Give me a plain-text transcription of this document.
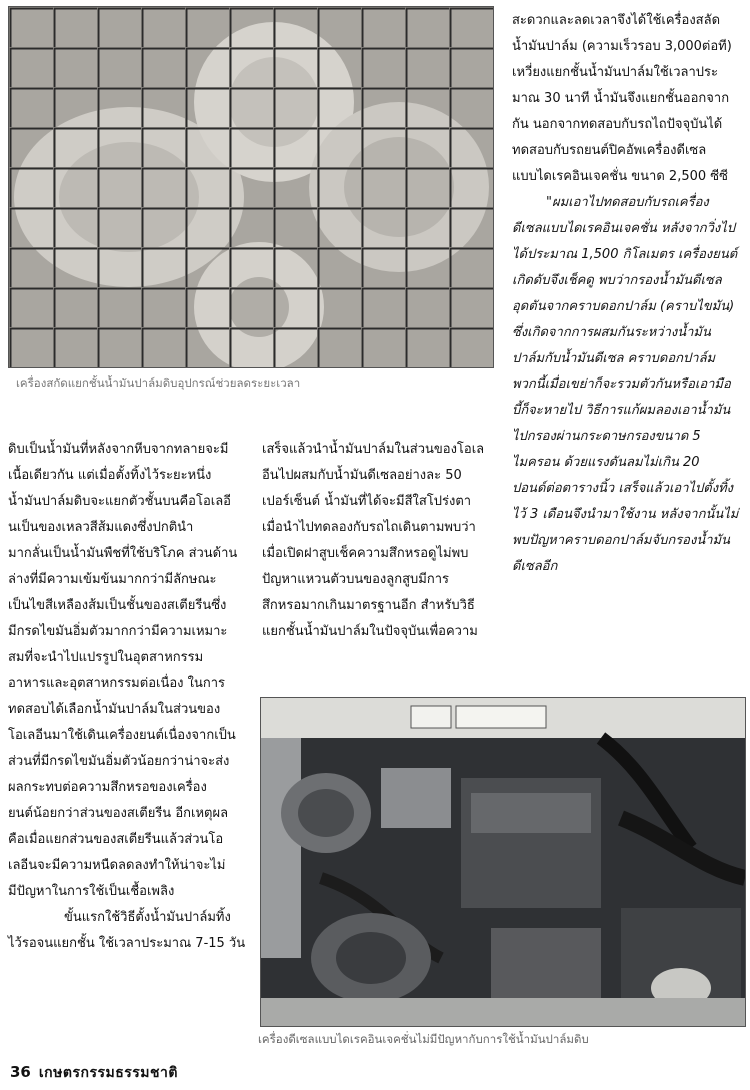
เครื่องสกัดแยกชั้นน้ำมันปาล์มดิบอุปกรณ์ช่วยลดระยะเวลา
สะดวกและลดเวลาจึงได้ใช้เครื่องสลัด
น้ำมันปาล์ม (ความเร็วรอบ 3,000ต่อที)
เหวี่ยงแยกชั้นน้ำมันปาล์มใช้เวลาประ
มาณ 30 นาที น้ำมันจึงแยกชั้นออกจาก
กัน นอกจากทดสอบกับรถไถปัจจุบันได้
ทดสอบกับรถยนต์ปิคอัพเครื่องดีเซล
แบบไดเรคอินเจคชั่น ขนาด 2,500 ซีซี
"ผมเอาไปทดสอบกับรถเครื่อง
ดีเซลแบบไดเรคอินเจคชั่น หลังจากวิ่งไป
ได้ประมาณ 1,500 กิโลเมตร เครื่องยนต์
เกิดดับจึงเช็คดู พบว่ากรองน้ำมันดีเซล
อุดตันจากคราบดอกปาล์ม (คราบไขมัน)
ซึ่งเกิดจากการผสมกันระหว่างน้ำมัน
ปาล์มกับน้ำมันดีเซล คราบดอกปาล์ม
พวกนี้เมื่อเขย่าก็จะรวมตัวกันหรือเอามือ
บี้ก็จะหายไป วิธีการแก้ผมลองเอาน้ำมัน
ไปกรองผ่านกระดาษกรองขนาด 5
ไมครอน ด้วยแรงดันลมไม่เกิน 20
ปอนด์ต่อตารางนิ้ว เสร็จแล้วเอาไปตั้งทิ้ง
ไว้ 3 เดือนจึงนำมาใช้งาน หลังจากนั้นไม่
พบปัญหาคราบดอกปาล์มจับกรองน้ำมัน
ดีเซลอีก
ดิบเป็นน้ำมันที่หลังจากหีบจากทลายจะมี
เนื้อเดียวกัน แต่เมื่อตั้งทิ้งไว้ระยะหนึ่ง
น้ำมันปาล์มดิบจะแยกตัวชั้นบนคือโอเลอี
นเป็นของเหลวสีส้มแดงซึ่งปกตินำ
มากลั่นเป็นน้ำมันพืชที่ใช้บริโภค ส่วนด้าน
ล่างที่มีความเข้มข้นมากกว่ามีลักษณะ
เป็นไขสีเหลืองส้มเป็นชั้นของสเตียรีนซึ่ง
มีกรดไขมันอิ่มตัวมากกว่ามีความเหมาะ
สมที่จะนำไปแปรรูปในอุตสาหกรรม
อาหารและอุตสาหกรรมต่อเนื่อง ในการ
ทดสอบได้เลือกน้ำมันปาล์มในส่วนของ
โอเลอีนมาใช้เดินเครื่องยนต์เนื่องจากเป็น
ส่วนที่มีกรดไขมันอิ่มตัวน้อยกว่าน่าจะส่ง
ผลกระทบต่อความสึกหรอของเครื่อง
ยนต์น้อยกว่าส่วนของสเตียรีน อีกเหตุผล
คือเมื่อแยกส่วนของสเตียรีนแล้วส่วนโอ
เลอีนจะมีความหนืดลดลงทำให้น่าจะไม่
มีปัญหาในการใช้เป็นเชื้อเพลิง
ขั้นแรกใช้วิธีตั้งน้ำมันปาล์มทิ้ง
ไว้รอจนแยกชั้น ใช้เวลาประมาณ 7-15 วัน
เสร็จแล้วนำน้ำมันปาล์มในส่วนของโอเล
อีนไปผสมกับน้ำมันดีเซลอย่างละ 50
เปอร์เซ็นต์ น้ำมันที่ได้จะมีสีใสโปร่งตา
เมื่อนำไปทดลองกับรถไถเดินตามพบว่า
เมื่อเปิดฝาสูบเช็คความสึกหรอดูไม่พบ
ปัญหาแหวนตัวบนของลูกสูบมีการ
สึกหรอมากเกินมาตรฐานอีก สำหรับวิธี
แยกชั้นน้ำมันปาล์มในปัจจุบันเพื่อความ
เครื่องดีเซลแบบไดเรคอินเจคชั่นไม่มีปัญหากับการใช้น้ำมันปาล์มดิบ
36 เกษตรกรรมธรรมชาติ
